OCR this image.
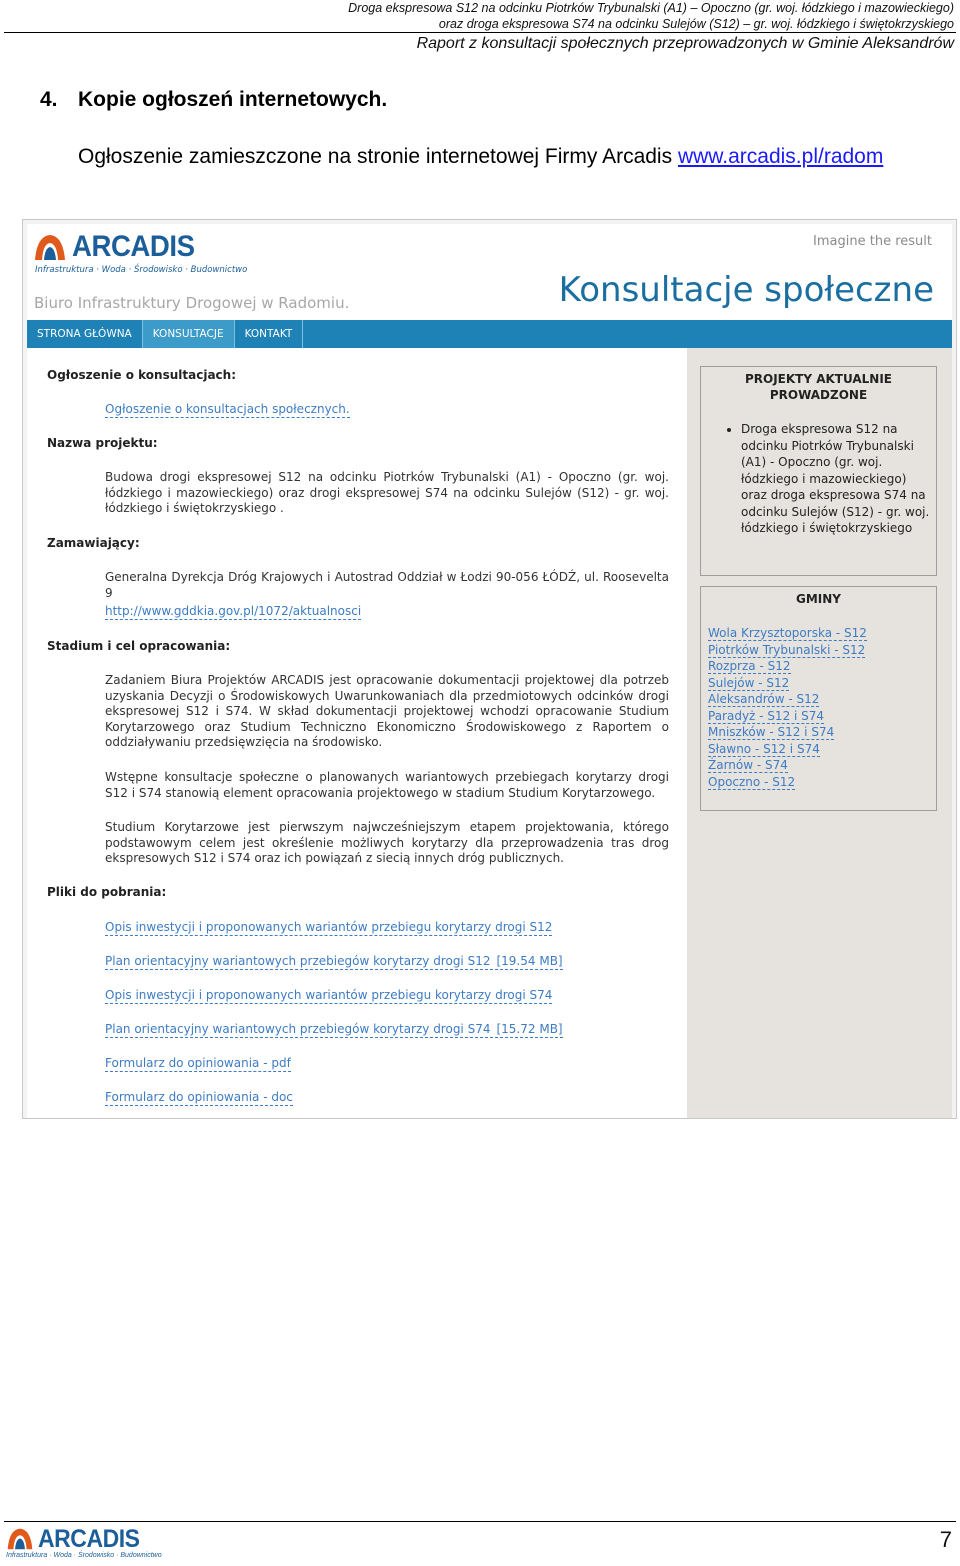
Droga ekspresowa S12 na odcinku Piotrków Trybunalski (A1) – Opoczno (gr. woj. łódzkiego i mazowieckiego)
oraz droga ekspresowa S74 na odcinku Sulejów (S12) – gr. woj. łódzkiego i świętokrzyskiego
Raport z konsultacji społecznych przeprowadzonych w Gminie Aleksandrów
4. Kopie ogłoszeń internetowych.
Ogłoszenie zamieszczone na stronie internetowej Firmy Arcadis www.arcadis.pl/radom
ARCADIS
Infrastruktura · Woda · Środowisko · Budownictwo
Biuro Infrastruktury Drogowej w Radomiu.
Imagine the result
Konsultacje społeczne
STRONA GŁÓWNA	KONSULTACJE	KONTAKT
Ogłoszenie o konsultacjach:
Ogłoszenie o konsultacjach społecznych.
Nazwa projektu:
Budowa drogi ekspresowej S12 na odcinku Piotrków Trybunalski (A1) - Opoczno (gr. woj. łódzkiego i mazowieckiego) oraz drogi ekspresowej S74 na odcinku Sulejów (S12) - gr. woj. łódzkiego i świętokrzyskiego .
Zamawiający:
Generalna Dyrekcja Dróg Krajowych i Autostrad Oddział w Łodzi 90-056 ŁÓDŹ, ul. Roosevelta 9
http://www.gddkia.gov.pl/1072/aktualnosci
Stadium i cel opracowania:
Zadaniem Biura Projektów ARCADIS jest opracowanie dokumentacji projektowej dla potrzeb uzyskania Decyzji o Środowiskowych Uwarunkowaniach dla przedmiotowych odcinków drogi ekspresowej S12 i S74. W skład dokumentacji projektowej wchodzi opracowanie Studium Korytarzowego oraz Studium Techniczno Ekonomiczno Środowiskowego z Raportem o oddziaływaniu przedsięwzięcia na środowisko.
Wstępne konsultacje społeczne o planowanych wariantowych przebiegach korytarzy drogi S12 i S74 stanowią element opracowania projektowego w stadium Studium Korytarzowego.
Studium Korytarzowe jest pierwszym najwcześniejszym etapem projektowania, którego podstawowym celem jest określenie możliwych korytarzy dla przeprowadzenia tras drog ekspresowych S12 i S74 oraz ich powiązań z siecią innych dróg publicznych.
Pliki do pobrania:
Opis inwestycji i proponowanych wariantów przebiegu korytarzy drogi S12
Plan orientacyjny wariantowych przebiegów korytarzy drogi S12 [19.54 MB]
Opis inwestycji i proponowanych wariantów przebiegu korytarzy drogi S74
Plan orientacyjny wariantowych przebiegów korytarzy drogi S74 [15.72 MB]
Formularz do opiniowania - pdf
Formularz do opiniowania - doc
PROJEKTY AKTUALNIE
PROWADZONE
• Droga ekspresowa S12 na odcinku Piotrków Trybunalski (A1) - Opoczno (gr. woj. łódzkiego i mazowieckiego) oraz droga ekspresowa S74 na odcinku Sulejów (S12) - gr. woj. łódzkiego i świętokrzyskiego
GMINY
Wola Krzysztoporska - S12
Piotrków Trybunalski - S12
Rozprza - S12
Sulejów - S12
Aleksandrów - S12
Paradyż - S12 i S74
Mniszków - S12 i S74
Sławno - S12 i S74
Żarnów - S74
Opoczno - S12
ARCADIS
Infrastruktura · Woda · Środowisko · Budownictwo
7
